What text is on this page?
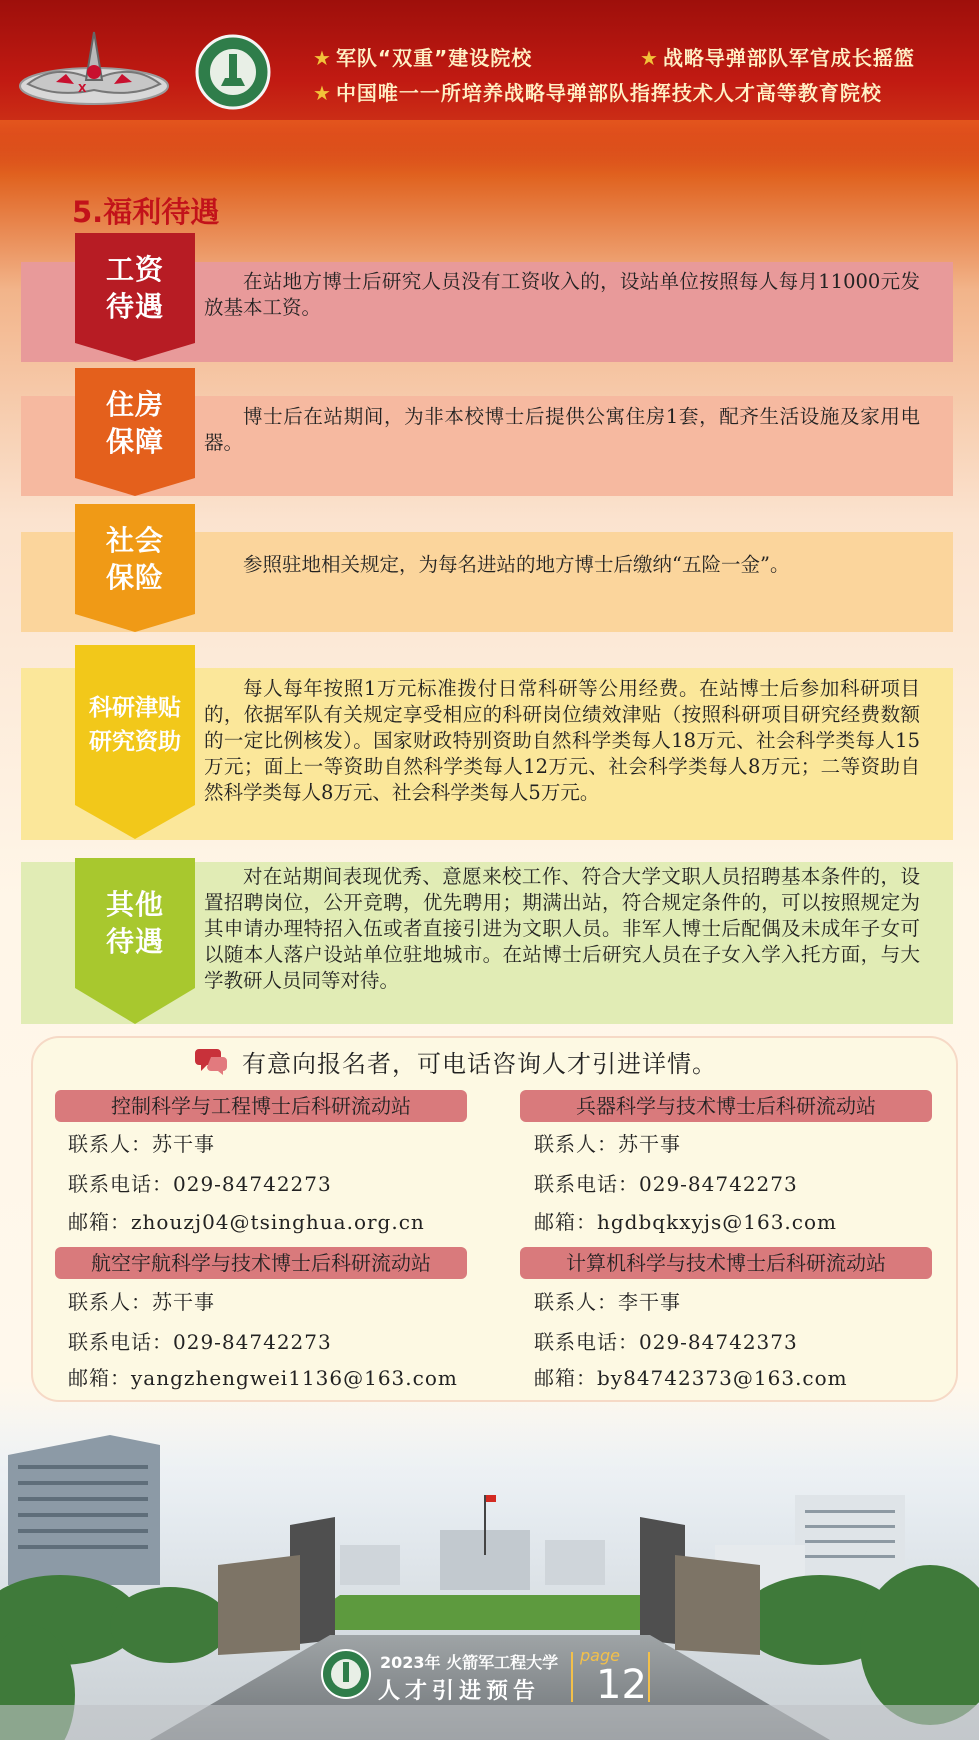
X
★ 军队“双重”建设院校	★ 战略导弹部队军官成长摇篮
★ 中国唯一一所培养战略导弹部队指挥技术人才高等教育院校
5.福利待遇
工资
待遇
在站地方博士后研究人员没有工资收入的，设站单位按照每人每月11000元发放基本工资。
住房
保障
博士后在站期间，为非本校博士后提供公寓住房1套，配齐生活设施及家用电器。
社会
保险	参照驻地相关规定，为每名进站的地方博士后缴纳“五险一金”。
科研津贴
研究资助
每人每年按照1万元标准拨付日常科研等公用经费。在站博士后参加科研项目的，依据军队有关规定享受相应的科研岗位绩效津贴（按照科研项目研究经费数额的一定比例核发）。国家财政特别资助自然科学类每人18万元、社会科学类每人15万元；面上一等资助自然科学类每人12万元、社会科学类每人8万元；二等资助自然科学类每人8万元、社会科学类每人5万元。
其他
待遇
对在站期间表现优秀、意愿来校工作、符合大学文职人员招聘基本条件的，设置招聘岗位，公开竞聘，优先聘用；期满出站，符合规定条件的，可以按照规定为其申请办理特招入伍或者直接引进为文职人员。非军人博士后配偶及未成年子女可以随本人落户设站单位驻地城市。在站博士后研究人员在子女入学入托方面，与大学教研人员同等对待。
有意向报名者，可电话咨询人才引进详情。
控制科学与工程博士后科研流动站
联系人：苏干事
联系电话：029-84742273
邮箱：zhouzj04@tsinghua.org.cn
兵器科学与技术博士后科研流动站
联系人：苏干事
联系电话：029-84742273
邮箱：hgdbqkxyjs@163.com
航空宇航科学与技术博士后科研流动站
联系人：苏干事
联系电话：029-84742273
邮箱：yangzhengwei1136@163.com
计算机科学与技术博士后科研流动站
联系人：李干事
联系电话：029-84742373
邮箱：by84742373@163.com
2023年 火箭军工程大学
人才引进预告
page
12
